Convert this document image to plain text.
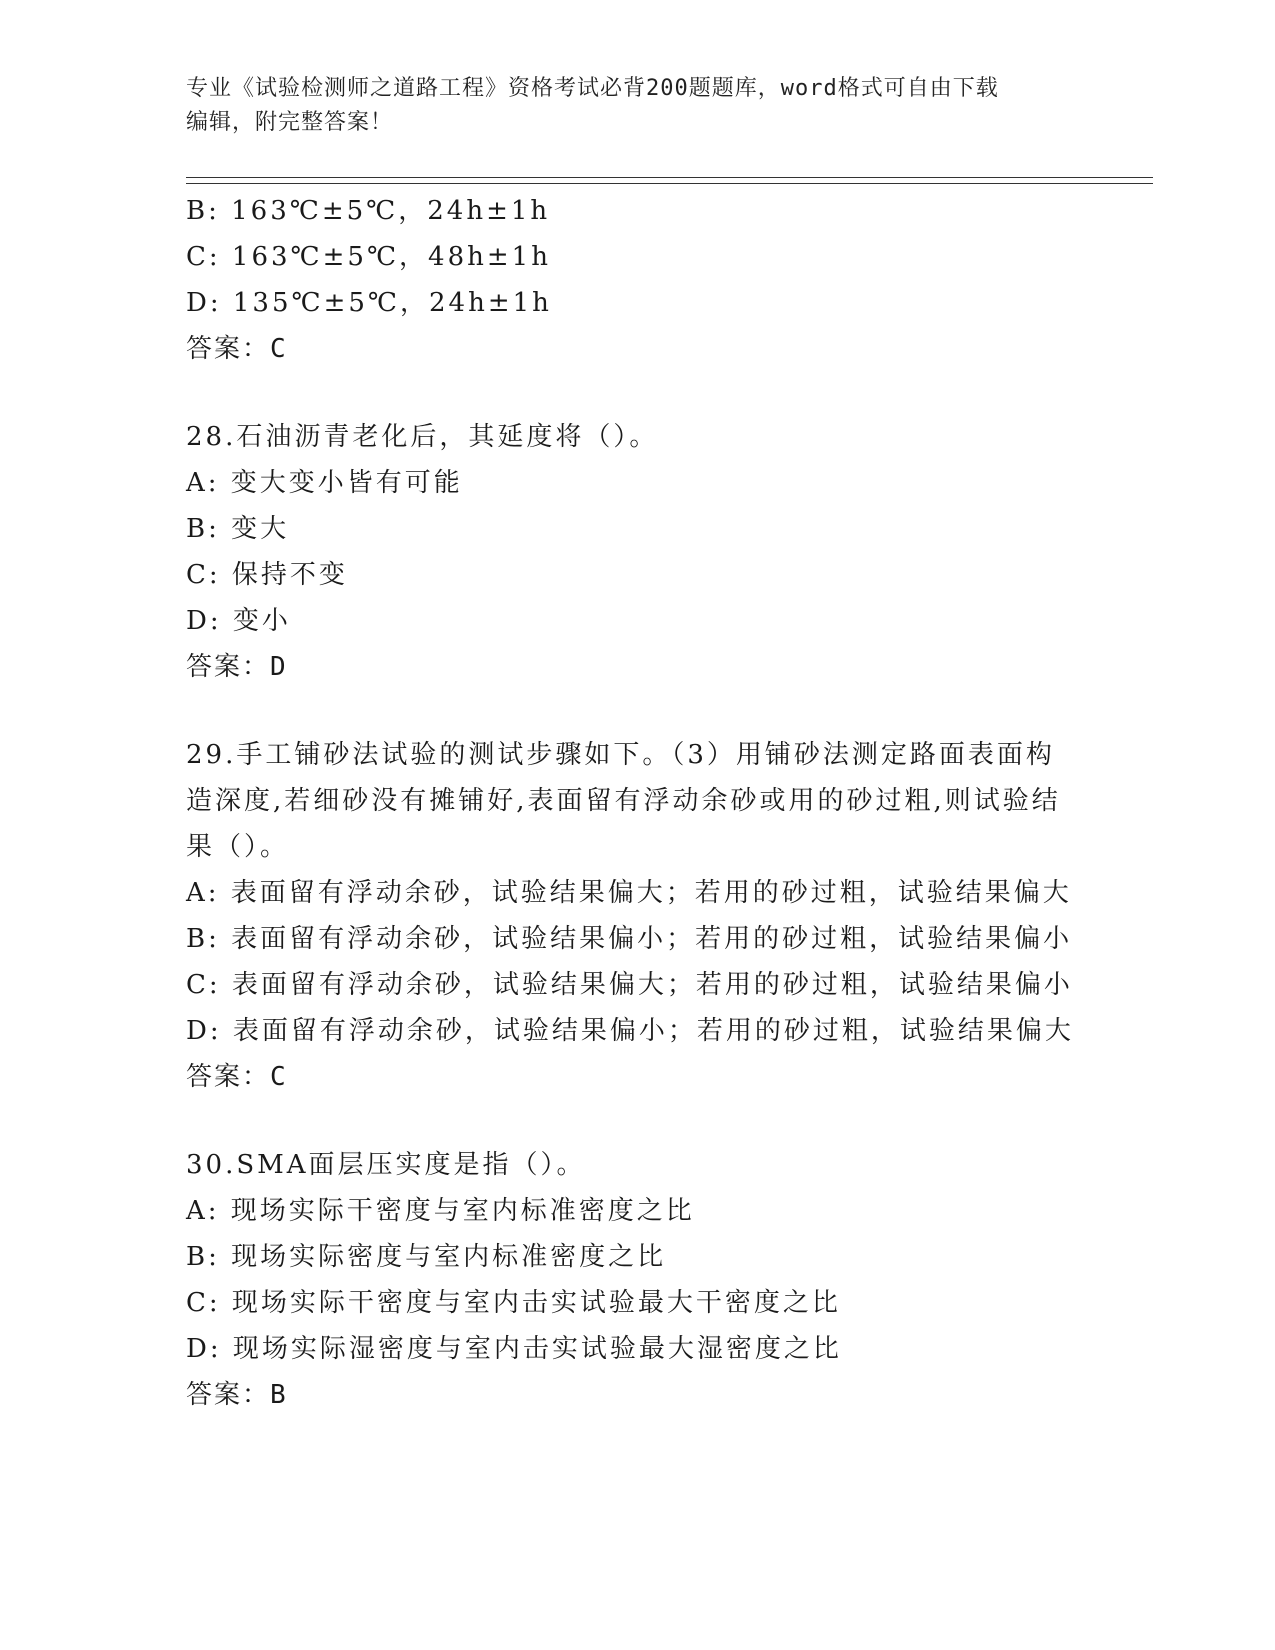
专业《试验检测师之道路工程》资格考试必背200题题库，word格式可自由下载
编辑，附完整答案！
B: 163℃±5℃，24h±1h
C: 163℃±5℃，48h±1h
D: 135℃±5℃，24h±1h
答案：C
28.石油沥青老化后，其延度将（）。
A: 变大变小皆有可能
B: 变大
C: 保持不变
D: 变小
答案：D
29.手工铺砂法试验的测试步骤如下。（3）用铺砂法测定路面表面构
造深度,若细砂没有摊铺好,表面留有浮动余砂或用的砂过粗,则试验结
果（）。
A: 表面留有浮动余砂，试验结果偏大；若用的砂过粗，试验结果偏大
B: 表面留有浮动余砂，试验结果偏小；若用的砂过粗，试验结果偏小
C: 表面留有浮动余砂，试验结果偏大；若用的砂过粗，试验结果偏小
D: 表面留有浮动余砂，试验结果偏小；若用的砂过粗，试验结果偏大
答案：C
30.SMA面层压实度是指（）。
A: 现场实际干密度与室内标准密度之比
B: 现场实际密度与室内标准密度之比
C: 现场实际干密度与室内击实试验最大干密度之比
D: 现场实际湿密度与室内击实试验最大湿密度之比
答案：B
